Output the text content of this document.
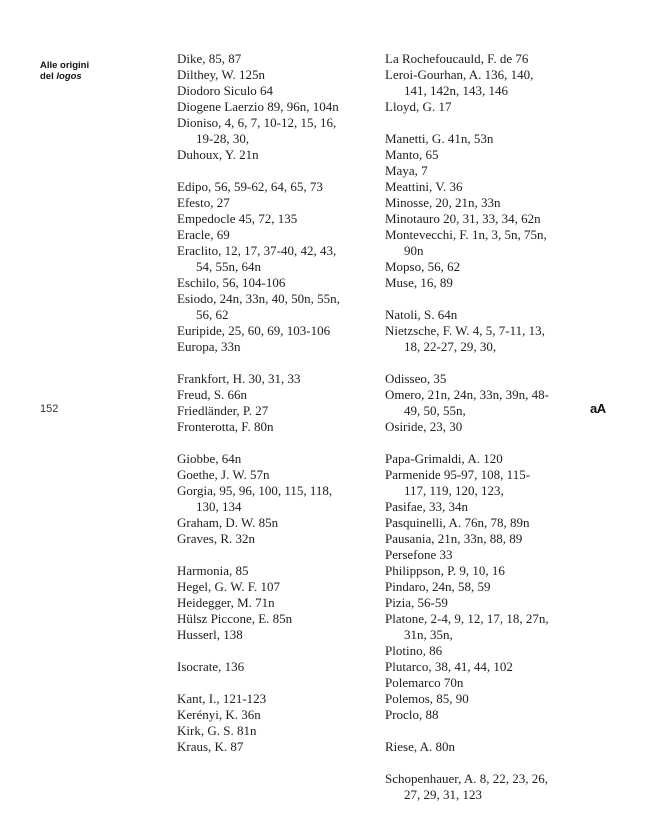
Alle origini
del logos
152	aA
Dike, 85, 87
Dilthey, W. 125n
Diodoro Siculo 64
Diogene Laerzio 89, 96n, 104n
Dioniso, 4, 6, 7, 10-12, 15, 16,
19-28, 30,
Duhoux, Y. 21n
Edipo, 56, 59-62, 64, 65, 73
Efesto, 27
Empedocle 45, 72, 135
Eracle, 69
Eraclito, 12, 17, 37-40, 42, 43,
54, 55n, 64n
Eschilo, 56, 104-106
Esiodo, 24n, 33n, 40, 50n, 55n,
56, 62
Euripide, 25, 60, 69, 103-106
Europa, 33n
Frankfort, H. 30, 31, 33
Freud, S. 66n
Friedländer, P. 27
Fronterotta, F. 80n
Giobbe, 64n
Goethe, J. W. 57n
Gorgia, 95, 96, 100, 115, 118,
130, 134
Graham, D. W. 85n
Graves, R. 32n
Harmonia, 85
Hegel, G. W. F. 107
Heidegger, M. 71n
Hülsz Piccone, E. 85n
Husserl, 138
Isocrate, 136
Kant, I., 121-123
Kerényi, K. 36n
Kirk, G. S. 81n
Kraus, K. 87
La Rochefoucauld, F. de 76
Leroi-Gourhan, A. 136, 140,
141, 142n, 143, 146
Lloyd, G. 17
Manetti, G. 41n, 53n
Manto, 65
Maya, 7
Meattini, V. 36
Minosse, 20, 21n, 33n
Minotauro 20, 31, 33, 34, 62n
Montevecchi, F. 1n, 3, 5n, 75n,
90n
Mopso, 56, 62
Muse, 16, 89
Natoli, S. 64n
Nietzsche, F. W. 4, 5, 7-11, 13,
18, 22-27, 29, 30,
Odisseo, 35
Omero, 21n, 24n, 33n, 39n, 48-
49, 50, 55n,
Osiride, 23, 30
Papa-Grimaldi, A. 120
Parmenide 95-97, 108, 115-
117, 119, 120, 123,
Pasifae, 33, 34n
Pasquinelli, A. 76n, 78, 89n
Pausania, 21n, 33n, 88, 89
Persefone 33
Philippson, P. 9, 10, 16
Pindaro, 24n, 58, 59
Pizia, 56-59
Platone, 2-4, 9, 12, 17, 18, 27n,
31n, 35n,
Plotino, 86
Plutarco, 38, 41, 44, 102
Polemarco 70n
Polemos, 85, 90
Proclo, 88
Riese, A. 80n
Schopenhauer, A. 8, 22, 23, 26,
27, 29, 31, 123
